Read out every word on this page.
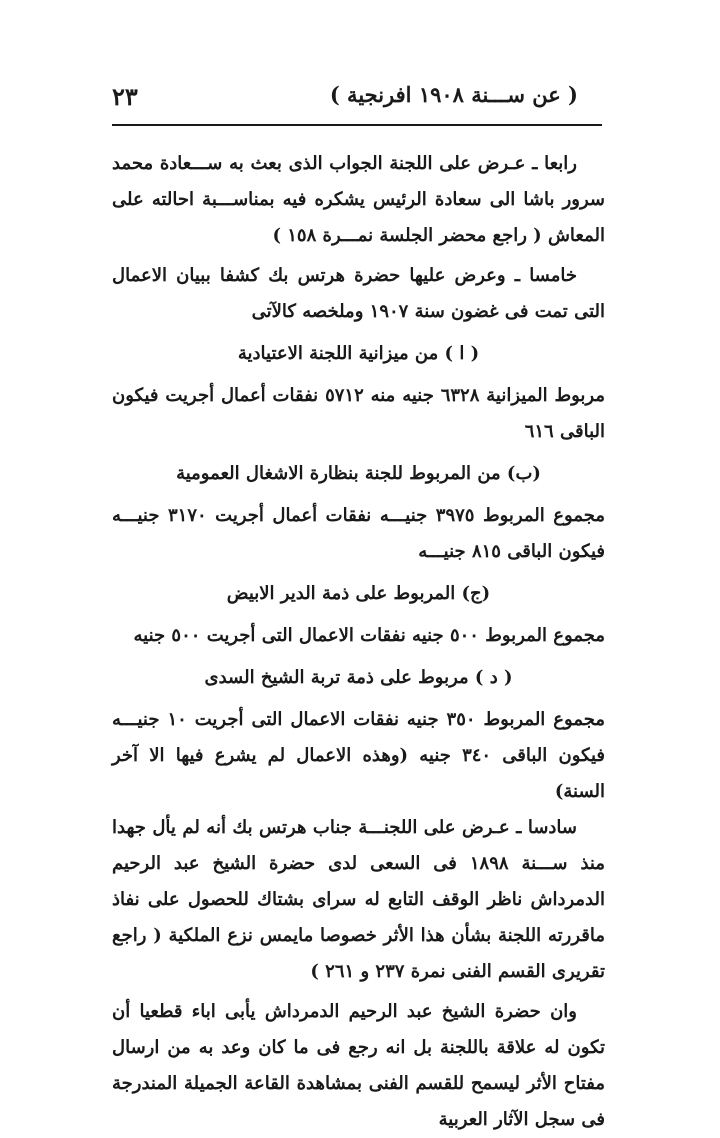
٢٣	( عن ســـنة ١٩٠٨ افرنجية )

رابعا ـ عـرض على اللجنة الجواب الذى بعث به ســـعادة محمد سرور باشا الى سعادة الرئيس يشكره فيه بمناســـبة احالته على المعاش ( راجع محضر الجلسة نمـــرة ١٥٨ )

خامسا ـ وعرض عليها حضرة هرتس بك كشفا ببيان الاعمال التى تمت فى غضون سنة ١٩٠٧ وملخصه كالآتى

( ا ) من ميزانية اللجنة الاعتيادية

مربوط الميزانية ٦٣٢٨ جنيه منه ٥٧١٢ نفقات أعمال أجريت فيكون الباقى ٦١٦

(ب) من المربوط للجنة بنظارة الاشغال العمومية

مجموع المربوط ٣٩٧٥ جنيـــه نفقات أعمال أجريت ٣١٧٠ جنيـــه فيكون الباقى ٨١٥ جنيـــه

(ج) المربوط على ذمة الدير الابيض

مجموع المربوط ٥٠٠ جنيه نفقات الاعمال التى أجريت ٥٠٠ جنيه

( د ) مربوط على ذمة تربة الشيخ السدى

مجموع المربوط ٣٥٠ جنيه نفقات الاعمال التى أجريت ١٠ جنيـــه فيكون الباقى ٣٤٠ جنيه (وهذه الاعمال لم يشرع فيها الا آخر السنة)

سادسا ـ عـرض على اللجنـــة جناب هرتس بك أنه لم يأل جهدا منذ ســـنة ١٨٩٨ فى السعى لدى حضرة الشيخ عبد الرحيم الدمرداش ناظر الوقف التابع له سراى بشتاك للحصول على نفاذ ماقررته اللجنة بشأن هذا الأثر خصوصا مايمس نزع الملكية ( راجع تقريرى القسم الفنى نمرة ٢٣٧ و ٢٦١ )

وان حضرة الشيخ عبد الرحيم الدمرداش يأبى اباء قطعيا أن تكون له علاقة باللجنة بل انه رجع فى ما كان وعد به من ارسال مفتاح الأثر ليسمح للقسم الفنى بمشاهدة القاعة الجميلة المندرجة فى سجل الآثار العربية
